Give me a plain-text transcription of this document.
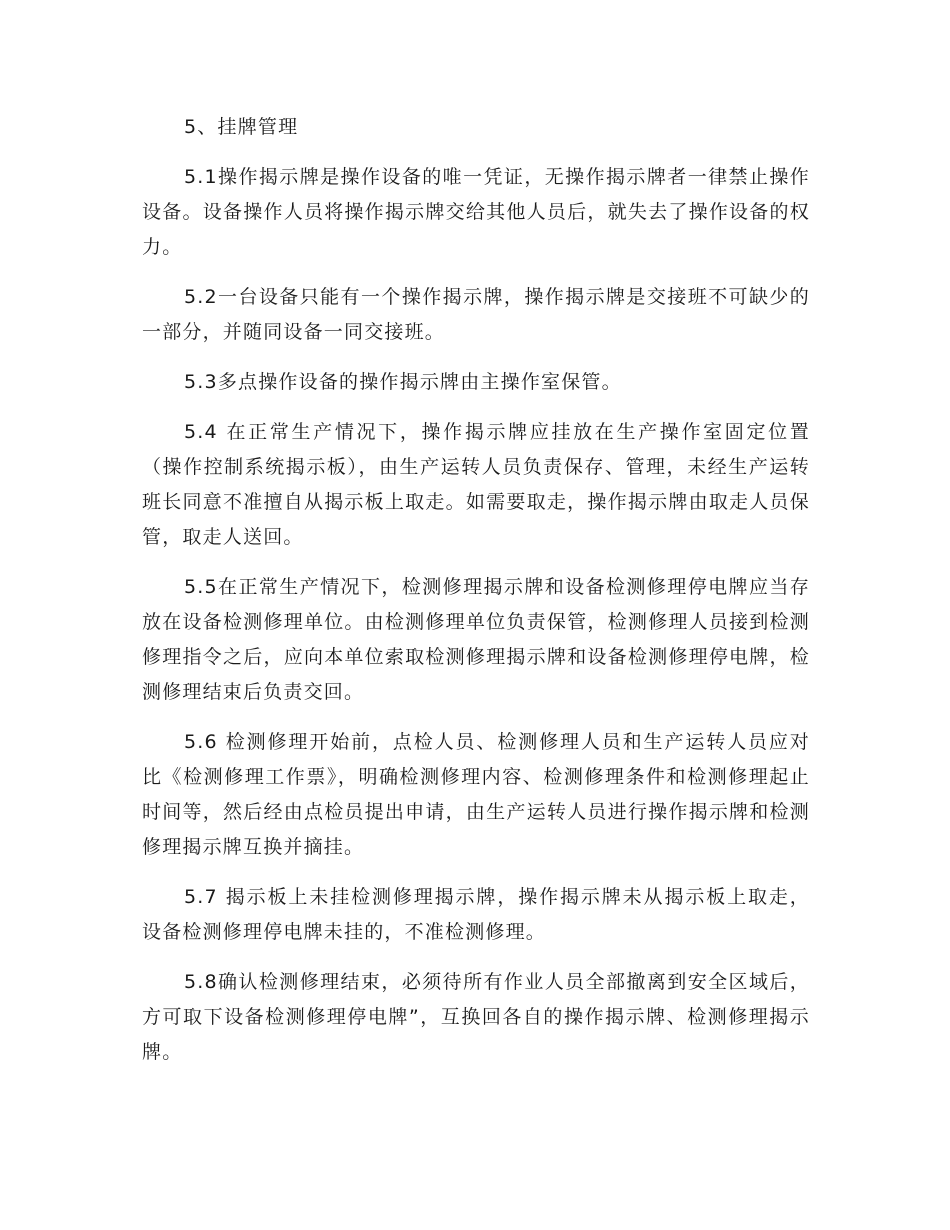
5、挂牌管理

5.1操作揭示牌是操作设备的唯一凭证，无操作揭示牌者一律禁止操作设备。设备操作人员将操作揭示牌交给其他人员后，就失去了操作设备的权力。

5.2一台设备只能有一个操作揭示牌，操作揭示牌是交接班不可缺少的一部分，并随同设备一同交接班。

5.3多点操作设备的操作揭示牌由主操作室保管。

5.4 在正常生产情况下，操作揭示牌应挂放在生产操作室固定位置（操作控制系统揭示板），由生产运转人员负责保存、管理，未经生产运转班长同意不准擅自从揭示板上取走。如需要取走，操作揭示牌由取走人员保管，取走人送回。

5.5在正常生产情况下，检测修理揭示牌和设备检测修理停电牌应当存放在设备检测修理单位。由检测修理单位负责保管，检测修理人员接到检测修理指令之后，应向本单位索取检测修理揭示牌和设备检测修理停电牌，检测修理结束后负责交回。

5.6 检测修理开始前，点检人员、检测修理人员和生产运转人员应对比《检测修理工作票》，明确检测修理内容、检测修理条件和检测修理起止时间等，然后经由点检员提出申请，由生产运转人员进行操作揭示牌和检测修理揭示牌互换并摘挂。

5.7 揭示板上未挂检测修理揭示牌，操作揭示牌未从揭示板上取走，设备检测修理停电牌未挂的，不准检测修理。

5.8确认检测修理结束，必须待所有作业人员全部撤离到安全区域后，方可取下设备检测修理停电牌”，互换回各自的操作揭示牌、检测修理揭示牌。
